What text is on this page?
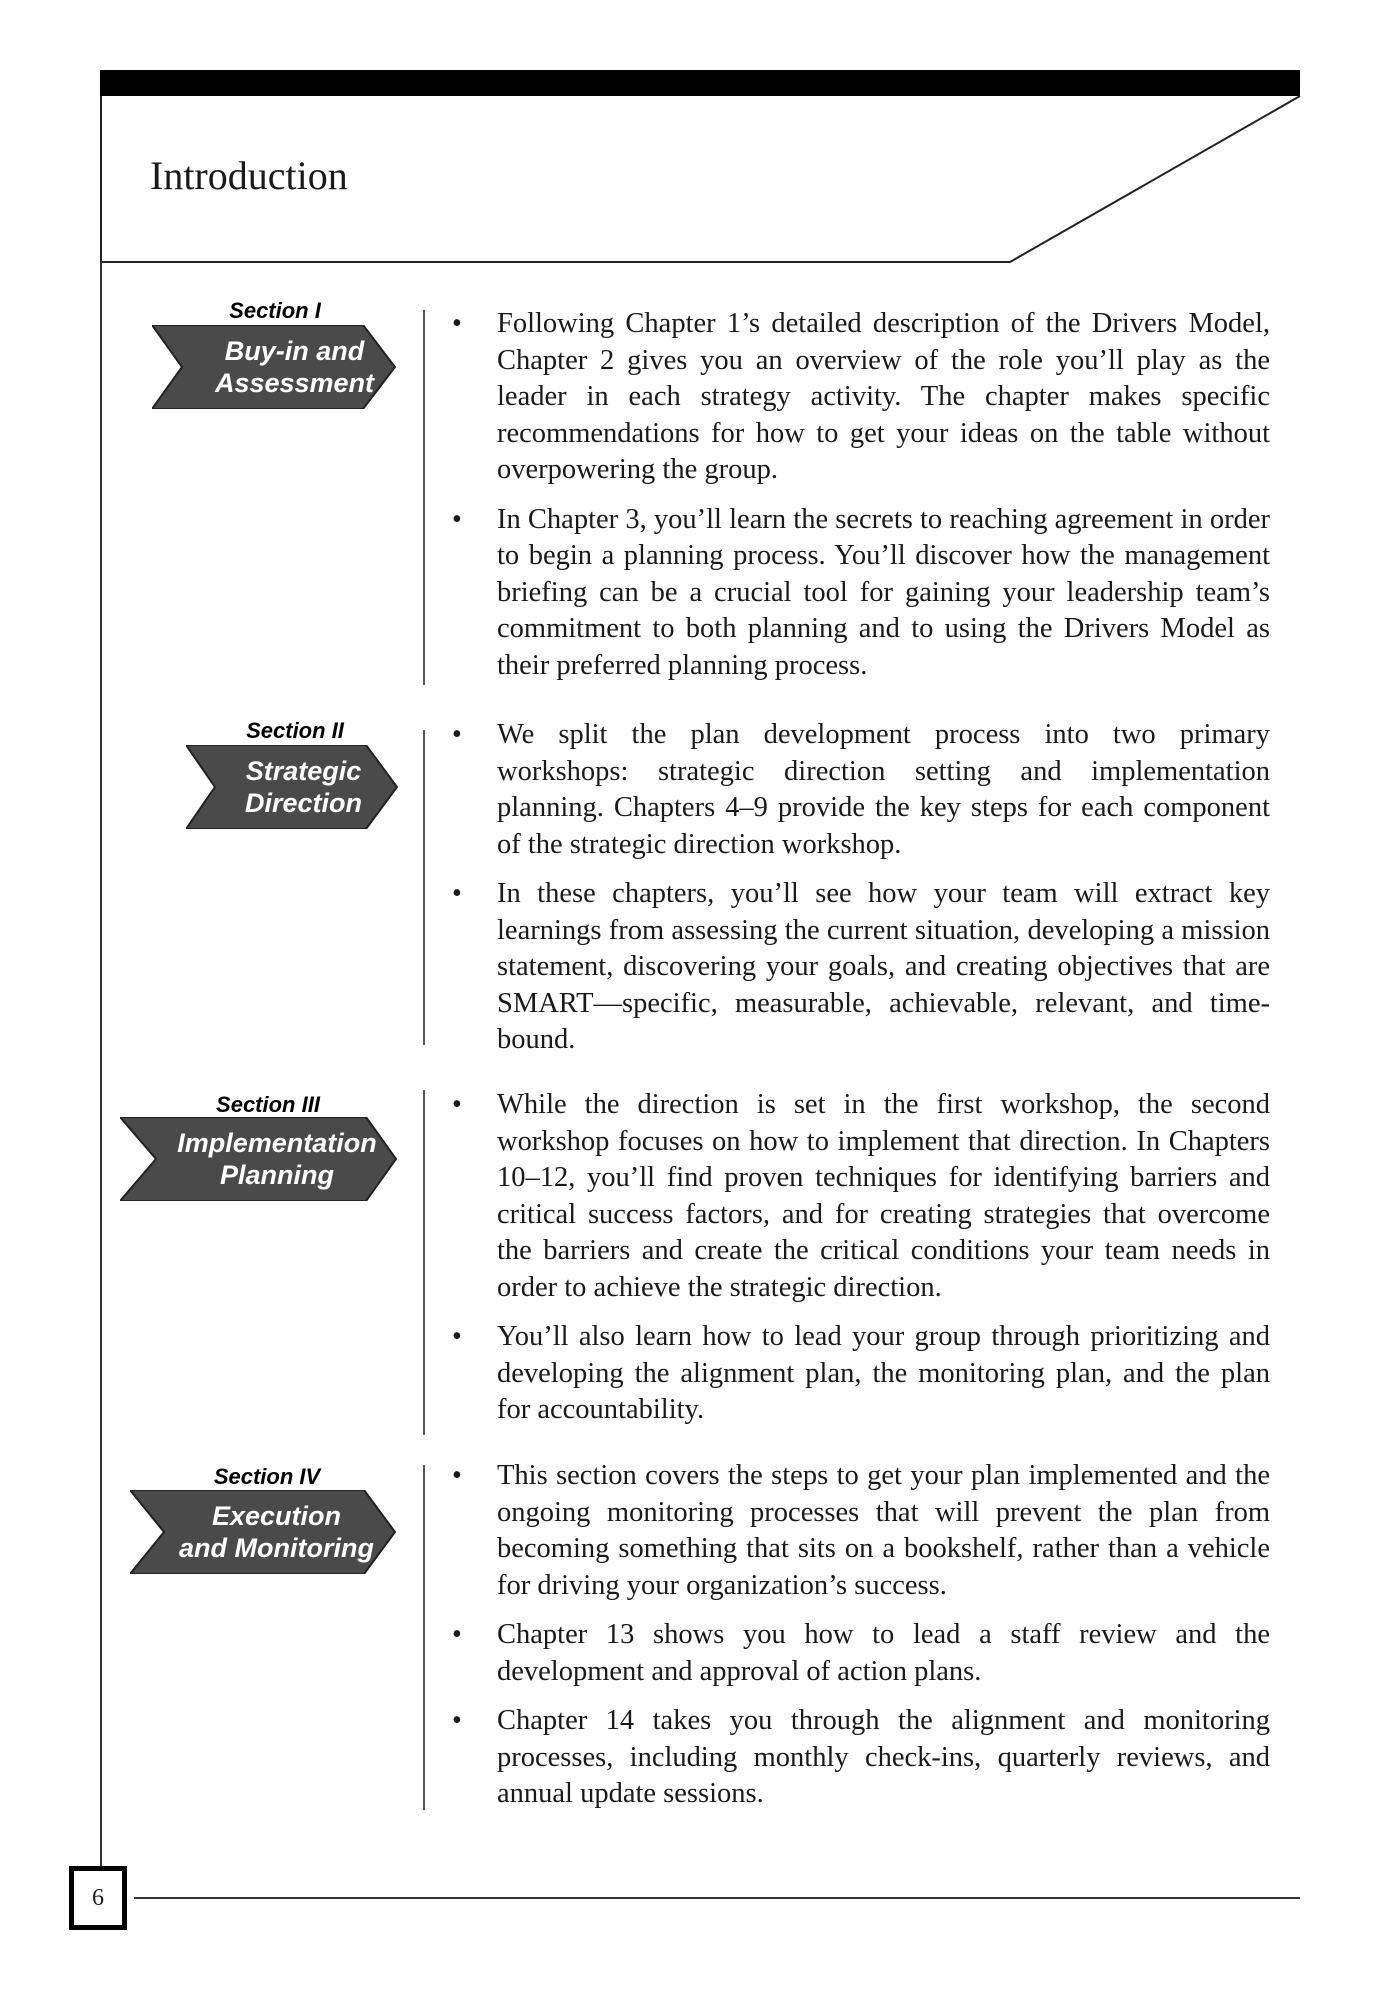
Introduction
6
Section I
Buy-in and
Assessment
• Following Chapter 1’s detailed description of the Drivers Model, Chapter 2 gives you an overview of the role you’ll play as the leader in each strategy activity. The chapter makes specific recommendations for how to get your ideas on the table without overpowering the group.
• In Chapter 3, you’ll learn the secrets to reaching agreement in order to begin a planning process. You’ll discover how the management briefing can be a crucial tool for gaining your leadership team’s commitment to both planning and to using the Drivers Model as their preferred planning process.
Section II
Strategic
Direction
• We split the plan development process into two primary workshops: strategic direction setting and implementation planning. Chapters 4–9 provide the key steps for each component of the strategic direction workshop.
• In these chapters, you’ll see how your team will extract key learnings from assessing the current situation, developing a mission statement, discovering your goals, and creating objectives that are SMART—specific, measurable, achievable, relevant, and time-bound.
Section III
Implementation
Planning
• While the direction is set in the first workshop, the second workshop focuses on how to implement that direction. In Chapters 10–12, you’ll find proven techniques for identifying barriers and critical success factors, and for creating strategies that overcome the barriers and create the critical conditions your team needs in order to achieve the strategic direction.
• You’ll also learn how to lead your group through prioritizing and developing the alignment plan, the monitoring plan, and the plan for accountability.
Section IV
Execution
and Monitoring
• This section covers the steps to get your plan implemented and the ongoing monitoring processes that will prevent the plan from becoming something that sits on a bookshelf, rather than a vehicle for driving your organization’s success.
• Chapter 13 shows you how to lead a staff review and the development and approval of action plans.
• Chapter 14 takes you through the alignment and monitoring processes, including monthly check-ins, quarterly reviews, and annual update sessions.
